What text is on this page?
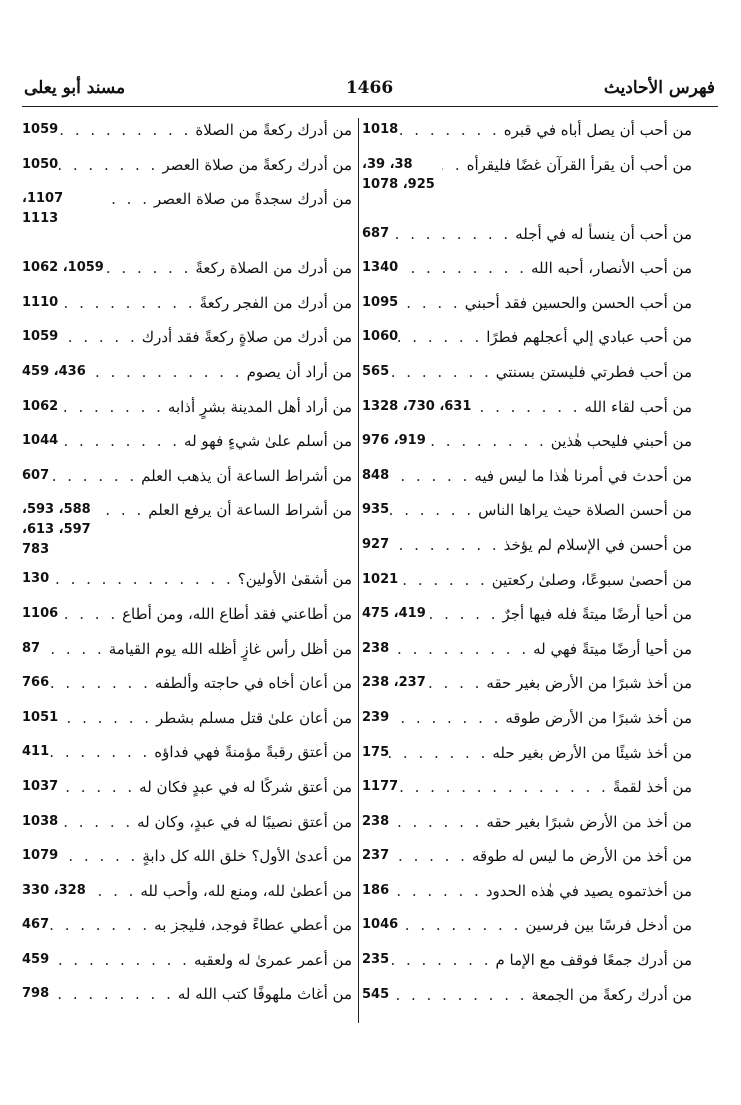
فهرس الأحاديث
1466
مسند أبو يعلى
من أحب أن يصل أباه في قبره
. . .
1018
من أحب أن يقرأ القرآن غضًا فليقرأه
. . .
38، 39، 925، 1078
من أحب أن ينسأ له في أجله
. . .
687
من أحب الأنصار، أحبه الله
. . .
1340
من أحب الحسن والحسين فقد أحبني
. . .
1095
من أحب عبادي إلي أعجلهم فطرًا
. . .
1060
من أحب فطرتي فليستن بسنتي
. . .
565
من أحب لقاء الله
. . .
631، 730، 1328
من أحبني فليحب هٰذين
. . .
919، 976
من أحدث في أمرنا هٰذا ما ليس فيه
. . .
848
من أحسن الصلاة حيث يراها الناس
. . .
935
من أحسن في الإسلام لم يؤخذ
. . .
927
من أحصىٰ سبوعًا، وصلىٰ ركعتين
. . .
1021
من أحيا أرضًا ميتةً فله فيها أجرٌ
. . .
419، 475
من أحيا أرضًا ميتةً فهي له
. . .
238
من أخذ شبرًا من الأرض بغير حقه
. . .
237، 238
من أخذ شبرًا من الأرض طوقه
. . .
239
من أخذ شيئًا من الأرض بغير حله
. . .
175
من أخذ لقمةً
. . .
1177
من أخذ من الأرض شبرًا بغير حقه
. . .
238
من أخذ من الأرض ما ليس له طوقه
. . .
237
من أخذتموه يصيد في هٰذه الحدود
. . .
186
من أدخل فرسًا بين فرسين
. . .
1046
من أدرك جمعًا فوقف مع الإما م
. . .
235
من أدرك ركعةً من الجمعة
. . .
545
من أدرك ركعةً من الصلاة
. . .
1059
من أدرك ركعةً من صلاة العصر
. . .
1050
من أدرك سجدةً من صلاة العصر
. . .
1107، 1113
من أدرك من الصلاة ركعةً
. . .
1059، 1062
من أدرك من الفجر ركعةً
. . .
1110
من أدرك من صلاةٍ ركعةً فقد أدرك
. . .
1059
من أراد أن يصوم
. . .
436، 459
من أراد أهل المدينة بشرٍ أذابه
. . .
1062
من أسلم علىٰ شيءٍ فهو له
. . .
1044
من أشراط الساعة أن يذهب العلم
. . .
607
من أشراط الساعة أن يرفع العلم
. . .
588، 593، 597، 613، 783
من أشقىٰ الأولين؟
. . .
130
من أطاعني فقد أطاع الله، ومن أطاع
. . .
1106
من أظل رأس غازٍ أظله الله يوم القيامة
. . .
87
من أعان أخاه في حاجته وألطفه
. . .
766
من أعان علىٰ قتل مسلم بشطر
. . .
1051
من أعتق رقبةً مؤمنةً فهي فداؤه
. . .
411
من أعتق شركًا له في عبدٍ فكان له
. . .
1037
من أعتق نصيبًا له في عبدٍ، وكان له
. . .
1038
من أعدىٰ الأول؟ خلق الله كل دابةٍ
. . .
1079
من أعطىٰ لله، ومنع لله، وأحب لله
. . .
328، 330
من أعطي عطاءً فوجد، فليجز به
. . .
467
من أعمر عمرىٰ له ولعقبه
. . .
459
من أغاث ملهوفًا كتب الله له
. . .
798
